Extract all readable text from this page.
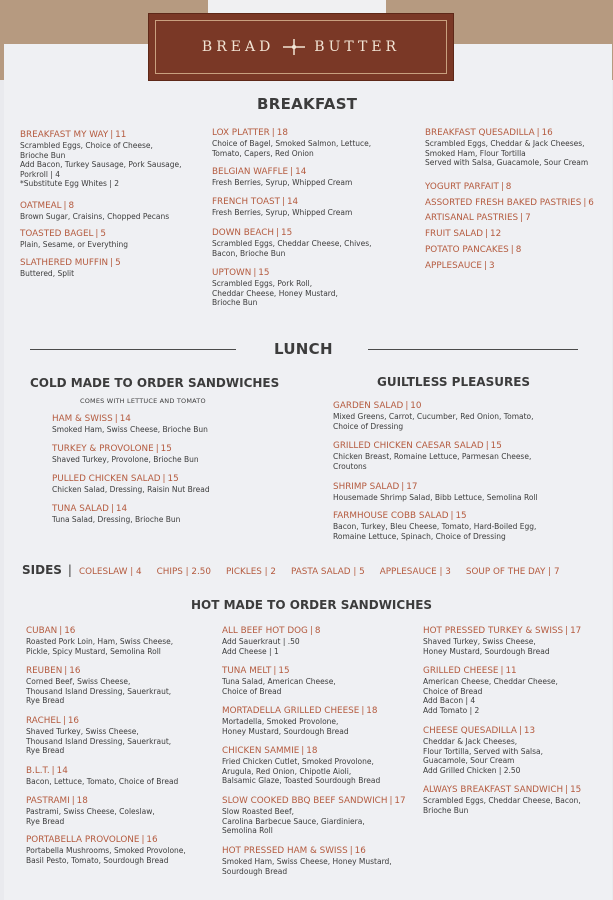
BREAD	BUTTER
BREAKFAST
BREAKFAST MY WAY | 11
Scrambled Eggs, Choice of Cheese,
Brioche Bun
Add Bacon, Turkey Sausage, Pork Sausage,
Porkroll | 4
*Substitute Egg Whites | 2
OATMEAL | 8
Brown Sugar, Craisins, Chopped Pecans
TOASTED BAGEL | 5
Plain, Sesame, or Everything
SLATHERED MUFFIN | 5
Buttered, Split
LOX PLATTER | 18
Choice of Bagel, Smoked Salmon, Lettuce,
Tomato, Capers, Red Onion
BELGIAN WAFFLE | 14
Fresh Berries, Syrup, Whipped Cream
FRENCH TOAST | 14
Fresh Berries, Syrup, Whipped Cream
DOWN BEACH | 15
Scrambled Eggs, Cheddar Cheese, Chives,
Bacon, Brioche Bun
UPTOWN | 15
Scrambled Eggs, Pork Roll,
Cheddar Cheese, Honey Mustard,
Brioche Bun
BREAKFAST QUESADILLA | 16
Scrambled Eggs, Cheddar & Jack Cheeses,
Smoked Ham, Flour Tortilla
Served with Salsa, Guacamole, Sour Cream
YOGURT PARFAIT | 8
ASSORTED FRESH BAKED PASTRIES | 6
ARTISANAL PASTRIES | 7
FRUIT SALAD | 12
POTATO PANCAKES | 8
APPLESAUCE | 3
LUNCH
COLD MADE TO ORDER SANDWICHES
COMES WITH LETTUCE AND TOMATO
HAM & SWISS | 14
Smoked Ham, Swiss Cheese, Brioche Bun
TURKEY & PROVOLONE | 15
Shaved Turkey, Provolone, Brioche Bun
PULLED CHICKEN SALAD | 15
Chicken Salad, Dressing, Raisin Nut Bread
TUNA SALAD | 14
Tuna Salad, Dressing, Brioche Bun
GUILTLESS PLEASURES
GARDEN SALAD | 10
Mixed Greens, Carrot, Cucumber, Red Onion, Tomato,
Choice of Dressing
GRILLED CHICKEN CAESAR SALAD | 15
Chicken Breast, Romaine Lettuce, Parmesan Cheese,
Croutons
SHRIMP SALAD | 17
Housemade Shrimp Salad, Bibb Lettuce, Semolina Roll
FARMHOUSE COBB SALAD | 15
Bacon, Turkey, Bleu Cheese, Tomato, Hard-Boiled Egg,
Romaine Lettuce, Spinach, Choice of Dressing
SIDES | COLESLAW | 4 CHIPS | 2.50 PICKLES | 2 PASTA SALAD | 5 APPLESAUCE | 3 SOUP OF THE DAY | 7
HOT MADE TO ORDER SANDWICHES
CUBAN | 16
Roasted Pork Loin, Ham, Swiss Cheese,
Pickle, Spicy Mustard, Semolina Roll
REUBEN | 16
Corned Beef, Swiss Cheese,
Thousand Island Dressing, Sauerkraut,
Rye Bread
RACHEL | 16
Shaved Turkey, Swiss Cheese,
Thousand Island Dressing, Sauerkraut,
Rye Bread
B.L.T. | 14
Bacon, Lettuce, Tomato, Choice of Bread
PASTRAMI | 18
Pastrami, Swiss Cheese, Coleslaw,
Rye Bread
PORTABELLA PROVOLONE | 16
Portabella Mushrooms, Smoked Provolone,
Basil Pesto, Tomato, Sourdough Bread
ALL BEEF HOT DOG | 8
Add Sauerkraut | .50
Add Cheese | 1
TUNA MELT | 15
Tuna Salad, American Cheese,
Choice of Bread
MORTADELLA GRILLED CHEESE | 18
Mortadella, Smoked Provolone,
Honey Mustard, Sourdough Bread
CHICKEN SAMMIE | 18
Fried Chicken Cutlet, Smoked Provolone,
Arugula, Red Onion, Chipotle Aioli,
Balsamic Glaze, Toasted Sourdough Bread
SLOW COOKED BBQ BEEF SANDWICH | 17
Slow Roasted Beef,
Carolina Barbecue Sauce, Giardiniera,
Semolina Roll
HOT PRESSED HAM & SWISS | 16
Smoked Ham, Swiss Cheese, Honey Mustard,
Sourdough Bread
HOT PRESSED TURKEY & SWISS | 17
Shaved Turkey, Swiss Cheese,
Honey Mustard, Sourdough Bread
GRILLED CHEESE | 11
American Cheese, Cheddar Cheese,
Choice of Bread
Add Bacon | 4
Add Tomato | 2
CHEESE QUESADILLA | 13
Cheddar & Jack Cheeses,
Flour Tortilla, Served with Salsa,
Guacamole, Sour Cream
Add Grilled Chicken | 2.50
ALWAYS BREAKFAST SANDWICH | 15
Scrambled Eggs, Cheddar Cheese, Bacon,
Brioche Bun
